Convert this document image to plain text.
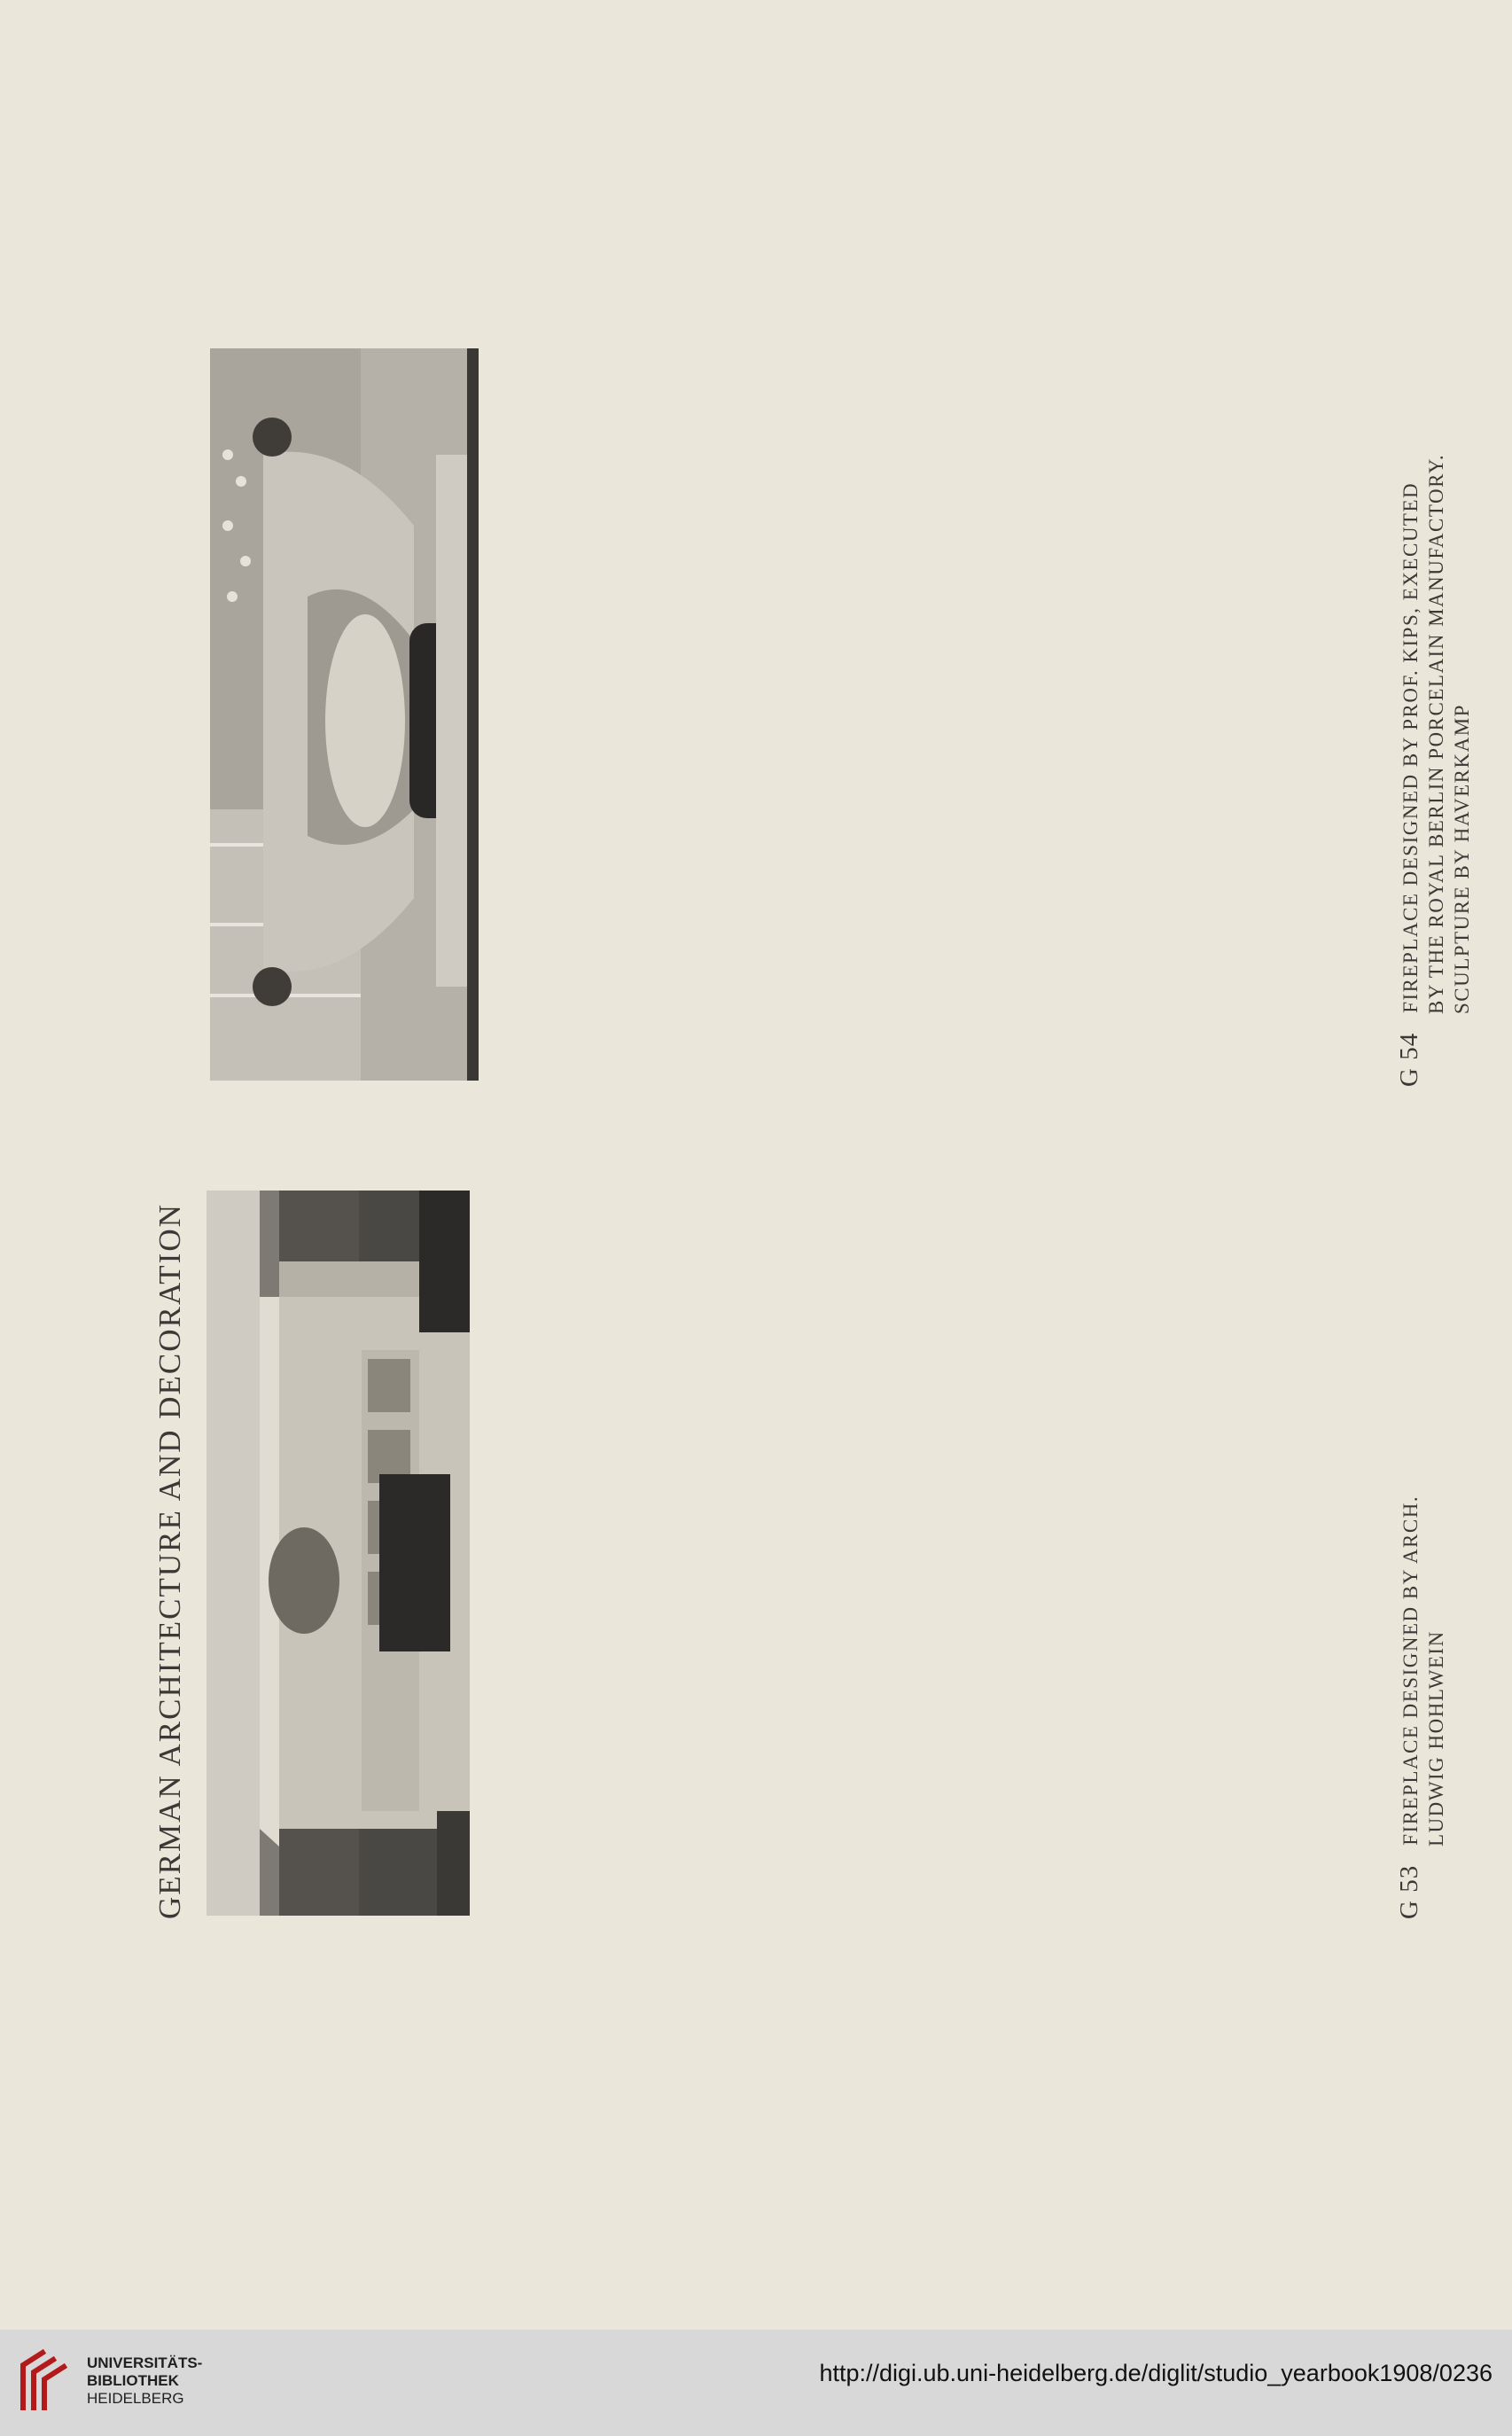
GERMAN ARCHITECTURE AND DECORATION	G 53FIREPLACE DESIGNED BY ARCH. LUDWIG HOHLWEIN
G 54FIREPLACE DESIGNED BY PROF. KIPS, EXECUTED BY THE ROYAL BERLIN PORCELAIN MANUFACTORY. SCULPTURE BY HAVERKAMP
UNIVERSITÄTS-
BIBLIOTHEK
HEIDELBERG
http://digi.ub.uni-heidelberg.de/diglit/studio_yearbook1908/0236
